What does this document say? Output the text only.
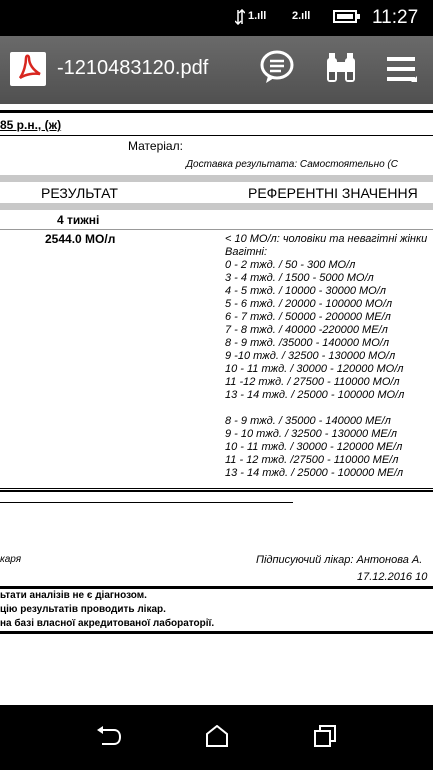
1.ıll 2.ıll	11:27
-1210483120.pdf
85 р.н., (ж)
Матеріал:
Доставка результата: Самостоятельно (С
РЕЗУЛЬТАТ	РЕФЕРЕНТНІ ЗНАЧЕННЯ
4 тижні
2544.0 МО/л	< 10 МО/л: чоловіки та невагітні жінки
Вагітні:
0 - 2 тжд. / 50 - 300 МО/л
3 - 4 тжд. / 1500 - 5000 МО/л
4 - 5 тжд. / 10000 - 30000 МО/л
5 - 6 тжд. / 20000 - 100000 МО/л
6 - 7 тжд. / 50000 - 200000 МЕ/л
7 - 8 тжд. / 40000 -220000 МЕ/л
8 - 9 тжд. /35000 - 140000 МО/л
9 -10 тжд. / 32500 - 130000 МО/л
10 - 11 тжд. / 30000 - 120000 МО/л
11 -12 тжд. / 27500 - 110000 МО/л
13 - 14 тжд. / 25000 - 100000 МО/л
8 - 9 тжд. / 35000 - 140000 МЕ/л
9 - 10 тжд. / 32500 - 130000 МЕ/л
10 - 11 тжд. / 30000 - 120000 МЕ/л
11 - 12 тжд. /27500 - 110000 МЕ/л
13 - 14 тжд. / 25000 - 100000 МЕ/л
каря	Підписуючий лікар: Антонова А.
17.12.2016 10
ьтати аналізів не є діагнозом.
цію результатів проводить лікар.
на базі власної акредитованої лабораторії.
